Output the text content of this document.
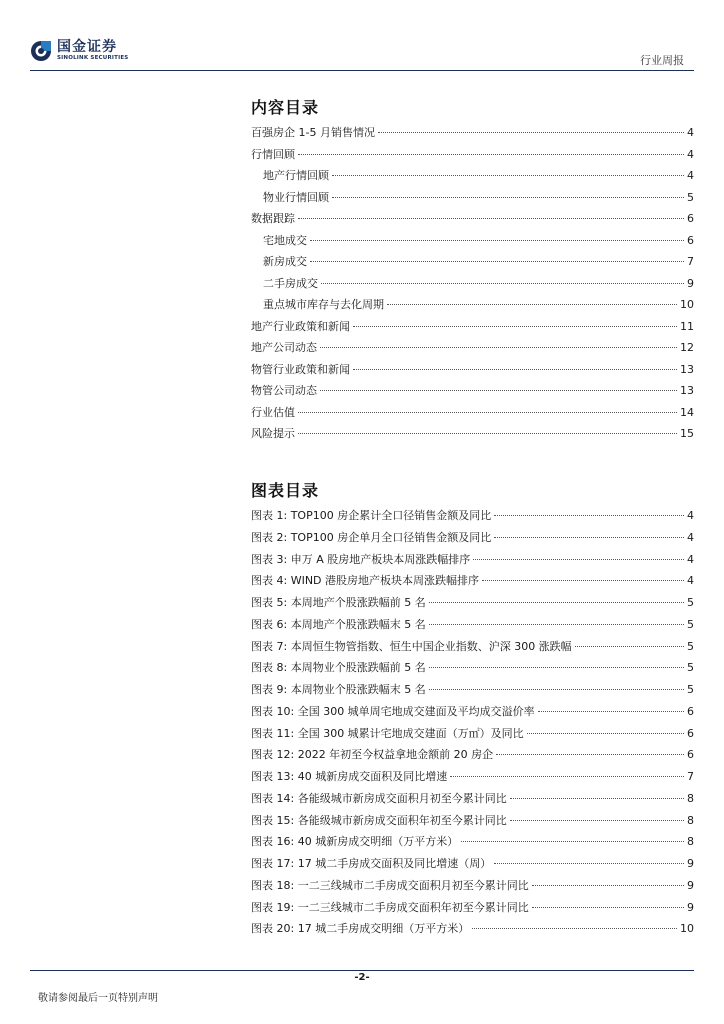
国金证券
SINOLINK SECURITIES	行业周报
内容目录
百强房企 1-5 月销售情况	4
行情回顾	4
地产行情回顾	4
物业行情回顾	5
数据跟踪	6
宅地成交	6
新房成交	7
二手房成交	9
重点城市库存与去化周期	10
地产行业政策和新闻	11
地产公司动态	12
物管行业政策和新闻	13
物管公司动态	13
行业估值	14
风险提示	15
图表目录
图表 1: TOP100 房企累计全口径销售金额及同比	4
图表 2: TOP100 房企单月全口径销售金额及同比	4
图表 3: 申万 A 股房地产板块本周涨跌幅排序	4
图表 4: WIND 港股房地产板块本周涨跌幅排序	4
图表 5: 本周地产个股涨跌幅前 5 名	5
图表 6: 本周地产个股涨跌幅末 5 名	5
图表 7: 本周恒生物管指数、恒生中国企业指数、沪深 300 涨跌幅	5
图表 8: 本周物业个股涨跌幅前 5 名	5
图表 9: 本周物业个股涨跌幅末 5 名	5
图表 10: 全国 300 城单周宅地成交建面及平均成交溢价率	6
图表 11: 全国 300 城累计宅地成交建面（万㎡）及同比	6
图表 12: 2022 年初至今权益拿地金额前 20 房企	6
图表 13: 40 城新房成交面积及同比增速	7
图表 14: 各能级城市新房成交面积月初至今累计同比	8
图表 15: 各能级城市新房成交面积年初至今累计同比	8
图表 16: 40 城新房成交明细（万平方米）	8
图表 17: 17 城二手房成交面积及同比增速（周）	9
图表 18: 一二三线城市二手房成交面积月初至今累计同比	9
图表 19: 一二三线城市二手房成交面积年初至今累计同比	9
图表 20: 17 城二手房成交明细（万平方米）	10
-2-
敬请参阅最后一页特别声明
